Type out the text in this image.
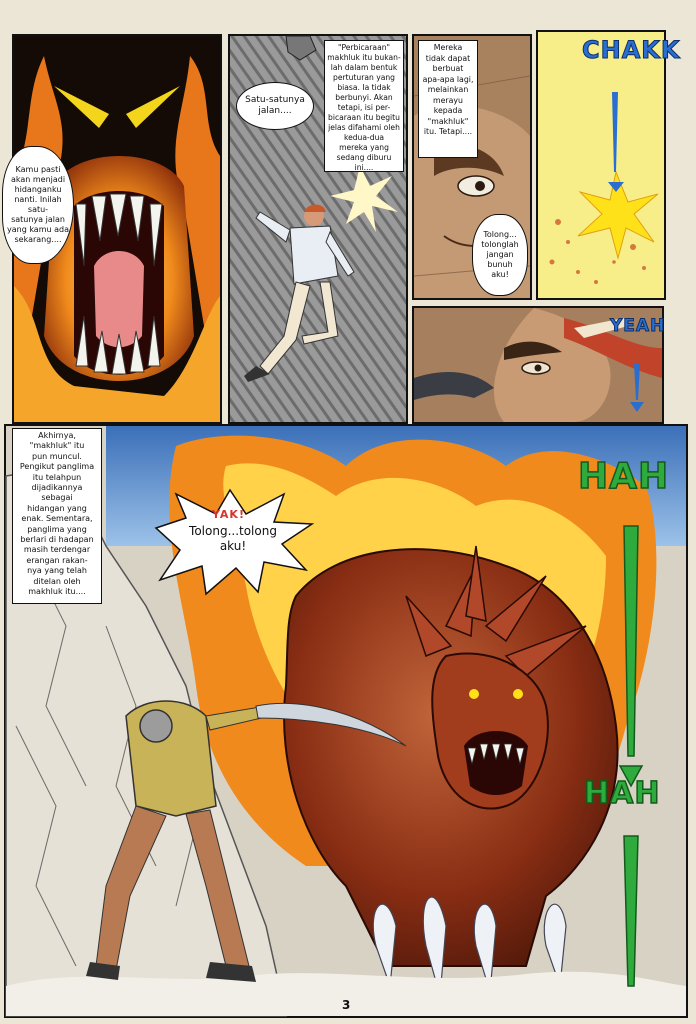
Kamu pasti
akan menjadi
hidanganku
nanti. Inilah satu-
satunya jalan
yang kamu ada
sekarang....
Satu-satunya
jalan....
"Perbicaraan"
makhluk itu bukan-
lah dalam bentuk
pertuturan yang
biasa. Ia tidak
berbunyi. Akan
tetapi, isi per-
bicaraan itu begitu
jelas difahami oleh
kedua-dua
mereka yang
sedang diburu ini....
Mereka
tidak dapat
berbuat
apa-apa lagi,
melainkan
merayu
kepada
"makhluk"
itu. Tetapi....
Tolong...
tolonglah
jangan
bunuh
aku!
CHAKK
YEAH
Akhirnya,
"makhluk" itu
pun muncul.
Pengikut panglima
itu telahpun
dijadikannya
sebagai
hidangan yang
enak. Sementara,
panglima yang
berlari di hadapan
masih terdengar
erangan rakan-
nya yang telah
ditelan oleh
makhluk itu....
YAK!
Tolong...tolong
aku!
HAH
HAH
3
